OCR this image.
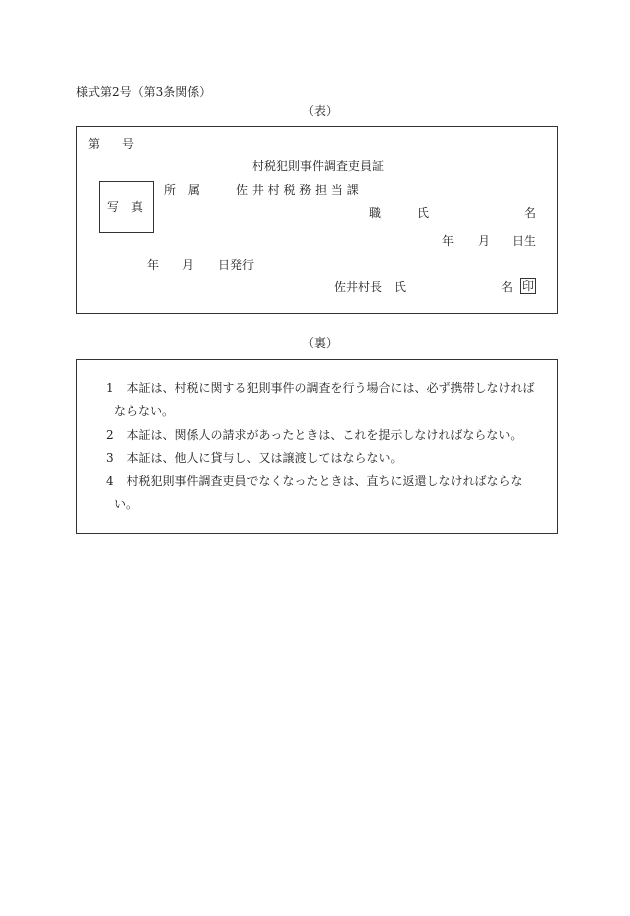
様式第2号（第3条関係）
（表）
第 号
村税犯則事件調査吏員証
写　真
所　属	佐 井 村 税 務 担 当 課
職	氏	名
年 月 日生
年 月 日発行
佐井村長　氏	名 印
（裏）
1 本証は、村税に関する犯則事件の調査を行う場合には、必ず携帯しなければ
ならない。
2 本証は、関係人の請求があったときは、これを提示しなければならない。
3 本証は、他人に貸与し、又は譲渡してはならない。
4 村税犯則事件調査吏員でなくなったときは、直ちに返還しなければならな
い。
